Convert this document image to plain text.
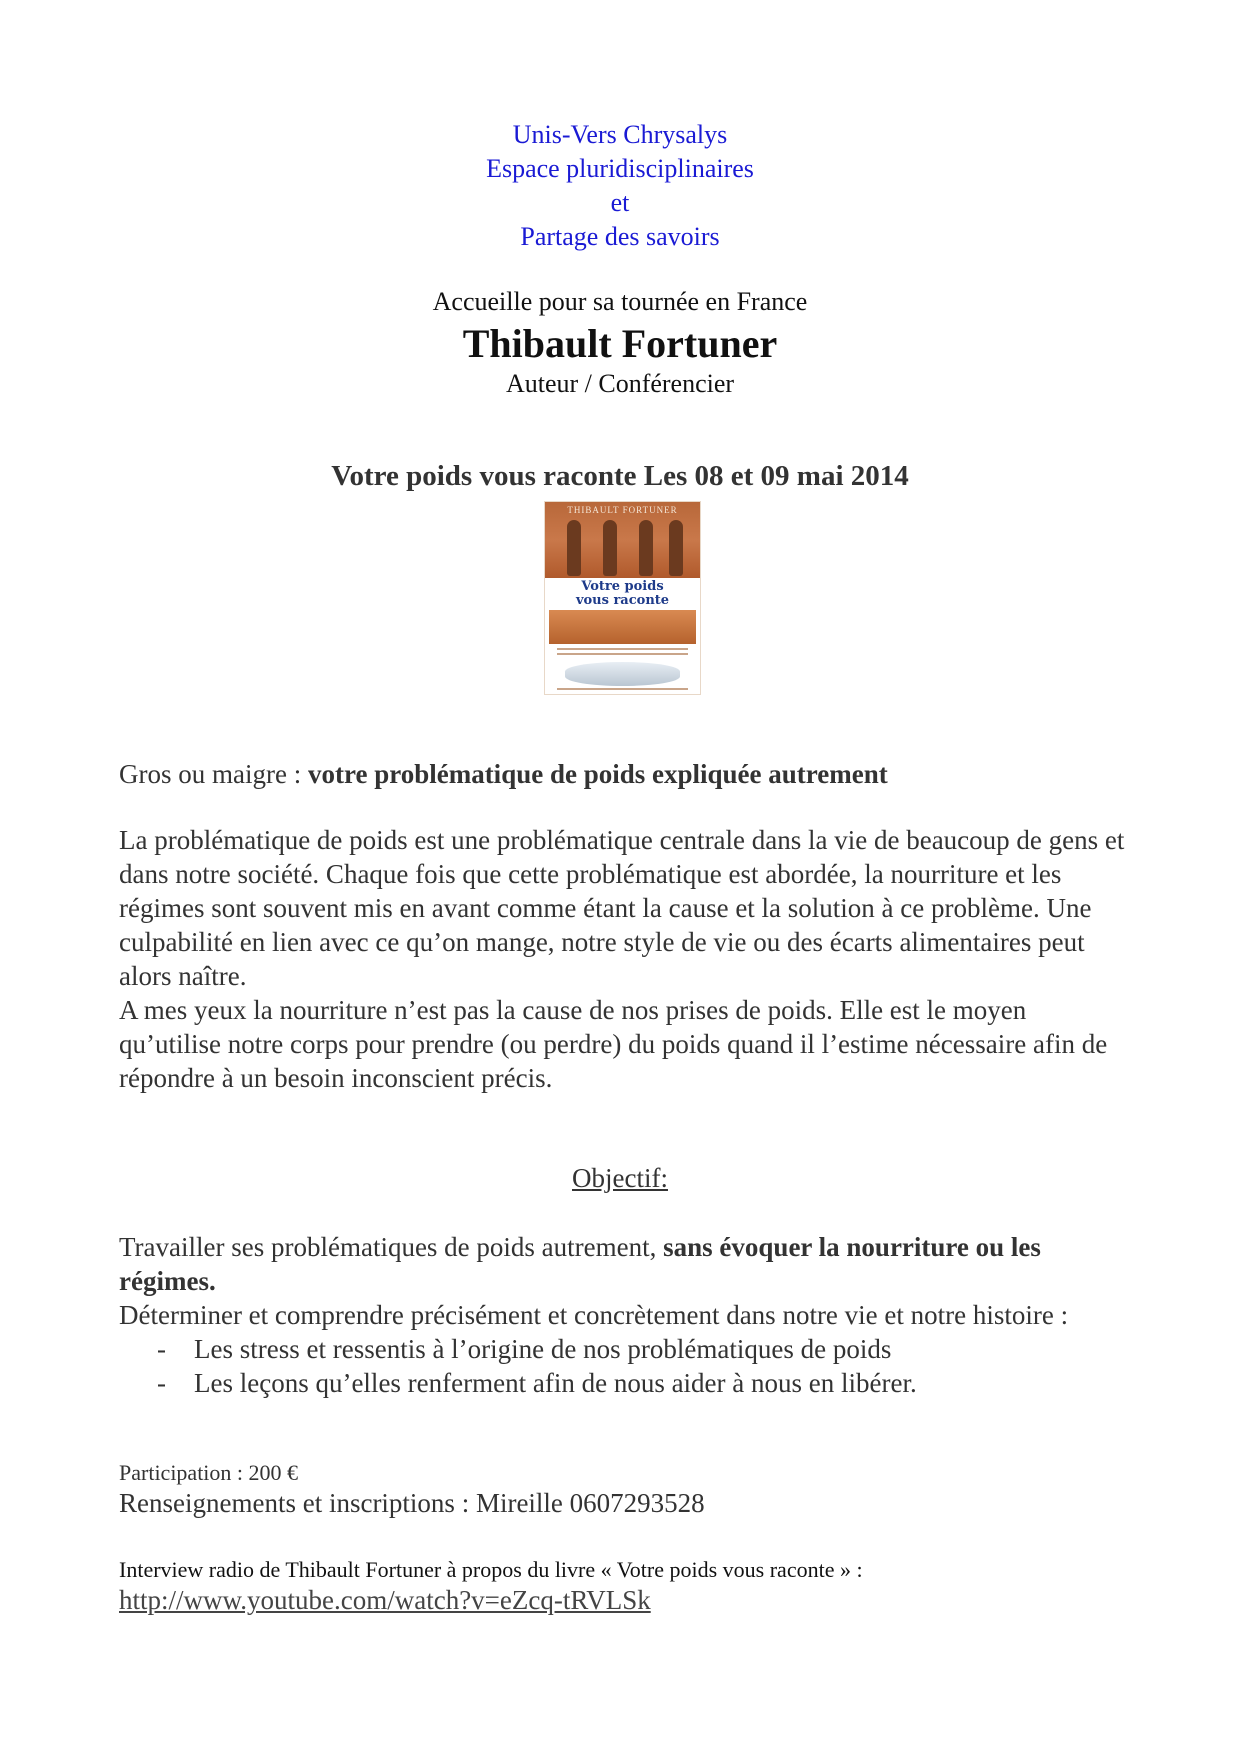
Unis-Vers Chrysalys
Espace pluridisciplinaires
et
Partage des savoirs
Accueille pour sa tournée en France
Thibault Fortuner
Auteur / Conférencier
Votre poids vous raconte Les 08 et 09 mai 2014
THIBAULT FORTUNER
Votre poids
vous raconte
Gros ou maigre : votre problématique de poids expliquée autrement
La problématique de poids est une problématique centrale dans la vie de beaucoup de gens et dans notre société. Chaque fois que cette problématique est abordée, la nourriture et les régimes sont souvent mis en avant comme étant la cause et la solution à ce problème. Une culpabilité en lien avec ce qu’on mange, notre style de vie ou des écarts alimentaires peut alors naître.
A mes yeux la nourriture n’est pas la cause de nos prises de poids. Elle est le moyen qu’utilise notre corps pour prendre (ou perdre) du poids quand il l’estime nécessaire afin de répondre à un besoin inconscient précis.
Objectif:
Travailler ses problématiques de poids autrement, sans évoquer la nourriture ou les régimes.
Déterminer et comprendre précisément et concrètement dans notre vie et notre histoire :
- Les stress et ressentis à l’origine de nos problématiques de poids
- Les leçons qu’elles renferment afin de nous aider à nous en libérer.
Participation : 200 €
Renseignements et inscriptions : Mireille 0607293528
Interview radio de Thibault Fortuner à propos du livre « Votre poids vous raconte » :
http://www.youtube.com/watch?v=eZcq-tRVLSk
